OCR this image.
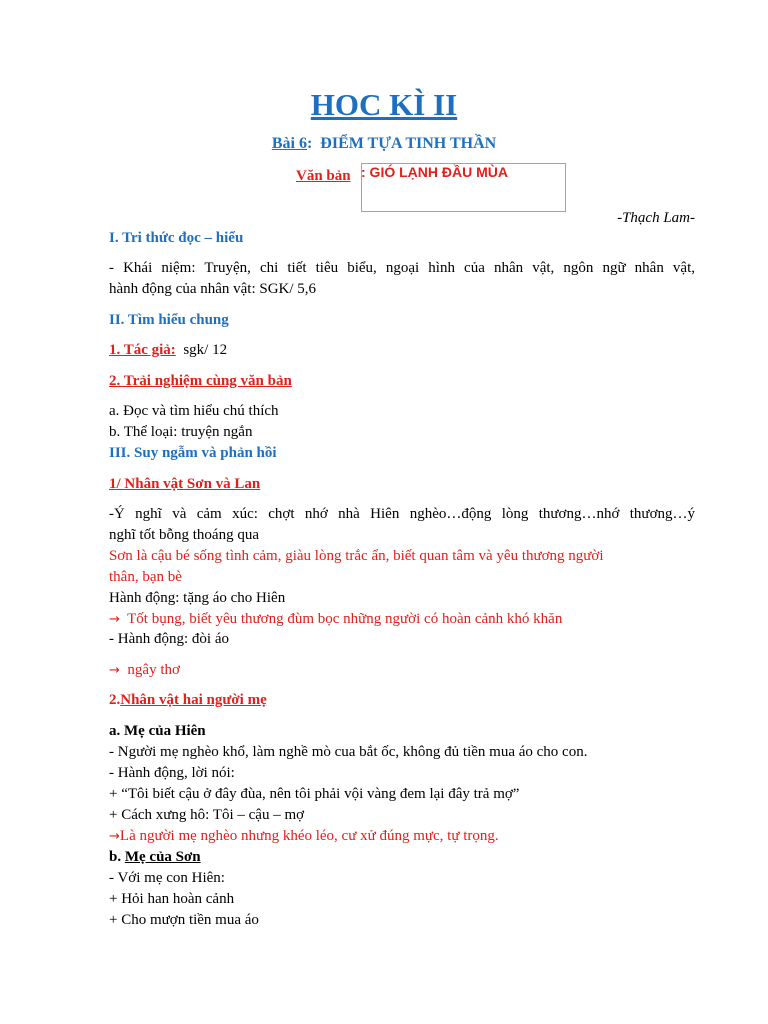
HOC KÌ II
Bài 6: ĐIỂM TỰA TINH THẦN
Văn bản : GIÓ LẠNH ĐẦU MÙA
-Thạch Lam-
I. Tri thức đọc – hiểu
- Khái niệm: Truyện, chi tiết tiêu biểu, ngoại hình của nhân vật, ngôn ngữ nhân vật,
hành động của nhân vật: SGK/ 5,6
II. Tìm hiểu chung
1. Tác giả: sgk/ 12
2. Trải nghiệm cùng văn bản
a. Đọc và tìm hiểu chú thích
b. Thể loại: truyện ngắn
III. Suy ngẫm và phản hồi
1/ Nhân vật Sơn và Lan
-Ý nghĩ và cảm xúc: chợt nhớ nhà Hiên nghèo…động lòng thương…nhớ thương…ý
nghĩ tốt bỗng thoáng qua
Sơn là cậu bé sống tình cảm, giàu lòng trắc ẩn, biết quan tâm và yêu thương người
thân, bạn bè
Hành động: tặng áo cho Hiên
→ Tốt bụng, biết yêu thương đùm bọc những người có hoàn cảnh khó khăn
- Hành động: đòi áo
→ ngây thơ
2.Nhân vật hai người mẹ
a. Mẹ của Hiên
- Người mẹ nghèo khổ, làm nghề mò cua bắt ốc, không đủ tiền mua áo cho con.
- Hành động, lời nói:
+ “Tôi biết cậu ở đây đùa, nên tôi phải vội vàng đem lại đây trả mợ”
+ Cách xưng hô: Tôi – cậu – mợ
→Là người mẹ nghèo nhưng khéo léo, cư xử đúng mực, tự trọng.
b. Mẹ của Sơn
- Với mẹ con Hiên:
+ Hỏi han hoàn cảnh
+ Cho mượn tiền mua áo
